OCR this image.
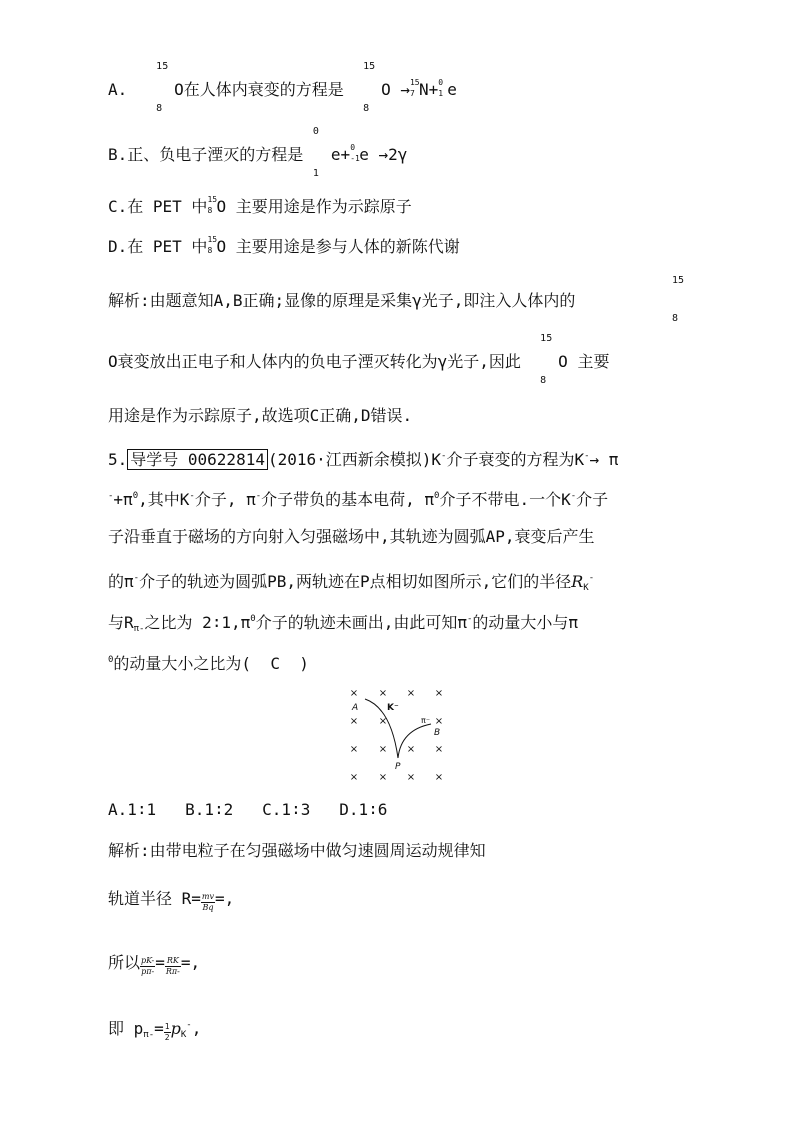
A.
15
8
O在人体内衰变的方程是
15
8
O → 15
7 N+ 0
1 e
B.正、负电子湮灭的方程是
0
1
e+ 0
-1 e →2γ
C.在 PET 中 15
8 O 主要用途是作为示踪原子
D.在 PET 中 15
8 O 主要用途是参与人体的新陈代谢
解析:由题意知A,B正确;显像的原理是采集γ光子,即注入人体内的
15
8
O衰变放出正电子和人体内的负电子湮灭转化为γ光子,因此
15
8
O 主要
用途是作为示踪原子,故选项C正确,D错误.
5. 导学号 00622814 (2016·江西新余模拟)K-介子衰变的方程为K-→ π
$^-+\pi^0$,其中K-介子, π-介子带负的基本电荷, $\pi^0$介子不带电.一个K-介子
子沿垂直于磁场的方向射入匀强磁场中,其轨迹为圆弧AP,衰变后产生
的π-介子的轨迹为圆弧PB,两轨迹在P点相切如图所示,它们的半径$R_K^-$
与$R_{\pi-}$之比为 $2∶1,\pi^0$介子的轨迹未画出,由此可知π-的动量大小与π
$^0$的动量大小之比为( C )
× × × ×
× ×	×
× × × ×
× × × ×
A	K⁻
π⁻
B
P
A.1∶1 B.1∶2 C.1∶3 D.1∶6
解析:由带电粒子在匀强磁场中做匀速圆周运动规律知
轨道半径 $R= \frac{mv}{Bq}$ =,
所以 $\frac{pK-}{p\pi-} = \frac{RK}{R\pi-}$ =,
即 $p_{\pi-}= \frac{1}{2} p_K^-$,
